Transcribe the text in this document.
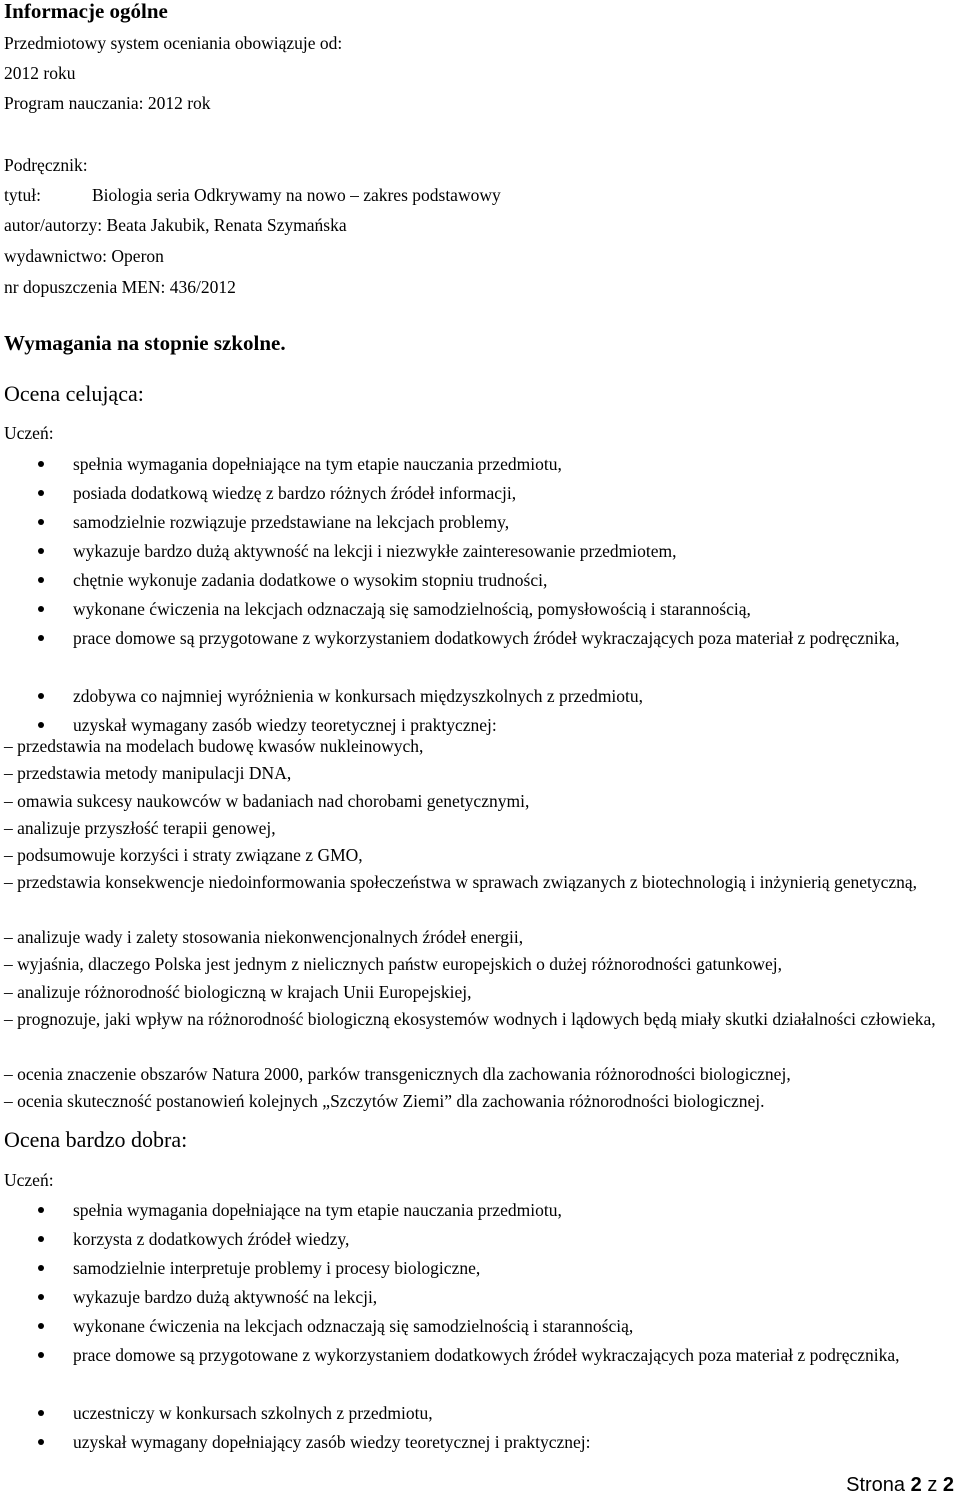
Informacje ogólne
Przedmiotowy system oceniania obowiązuje od:
2012 roku
Program nauczania: 2012 rok
Podręcznik:
tytuł:	Biologia seria Odkrywamy na nowo – zakres podstawowy
autor/autorzy: Beata Jakubik, Renata Szymańska
wydawnictwo: Operon
nr dopuszczenia MEN: 436/2012
Wymagania na stopnie szkolne.
Ocena celująca:
Uczeń:
spełnia wymagania dopełniające na tym etapie nauczania przedmiotu,
posiada dodatkową wiedzę z bardzo różnych źródeł informacji,
samodzielnie rozwiązuje przedstawiane na lekcjach problemy,
wykazuje bardzo dużą aktywność na lekcji i niezwykłe zainteresowanie przedmiotem,
chętnie wykonuje zadania dodatkowe o wysokim stopniu trudności,
wykonane ćwiczenia na lekcjach odznaczają się samodzielnością, pomysłowością i starannością,
prace domowe są przygotowane z wykorzystaniem dodatkowych źródeł wykraczających poza materiał z podręcznika,
zdobywa co najmniej wyróżnienia w konkursach międzyszkolnych z przedmiotu,
uzyskał wymagany zasób wiedzy teoretycznej i praktycznej:
– przedstawia na modelach budowę kwasów nukleinowych,
– przedstawia metody manipulacji DNA,
– omawia sukcesy naukowców w badaniach nad chorobami genetycznymi,
– analizuje przyszłość terapii genowej,
– podsumowuje korzyści i straty związane z GMO,
– przedstawia konsekwencje niedoinformowania społeczeństwa w sprawach związanych z biotechnologią i inżynierią genetyczną,
– analizuje wady i zalety stosowania niekonwencjonalnych źródeł energii,
– wyjaśnia, dlaczego Polska jest jednym z nielicznych państw europejskich o dużej różnorodności gatunkowej,
– analizuje różnorodność biologiczną w krajach Unii Europejskiej,
– prognozuje, jaki wpływ na różnorodność biologiczną ekosystemów wodnych i lądowych będą miały skutki działalności człowieka,
– ocenia znaczenie obszarów Natura 2000, parków transgenicznych dla zachowania różnorodności biologicznej,
– ocenia skuteczność postanowień kolejnych „Szczytów Ziemi” dla zachowania różnorodności biologicznej.
Ocena bardzo dobra:
Uczeń:
spełnia wymagania dopełniające na tym etapie nauczania przedmiotu,
korzysta z dodatkowych źródeł wiedzy,
samodzielnie interpretuje problemy i procesy biologiczne,
wykazuje bardzo dużą aktywność na lekcji,
wykonane ćwiczenia na lekcjach odznaczają się samodzielnością i starannością,
prace domowe są przygotowane z wykorzystaniem dodatkowych źródeł wykraczających poza materiał z podręcznika,
uczestniczy w konkursach szkolnych z przedmiotu,
uzyskał wymagany dopełniający zasób wiedzy teoretycznej i praktycznej:
Strona 2 z 2
